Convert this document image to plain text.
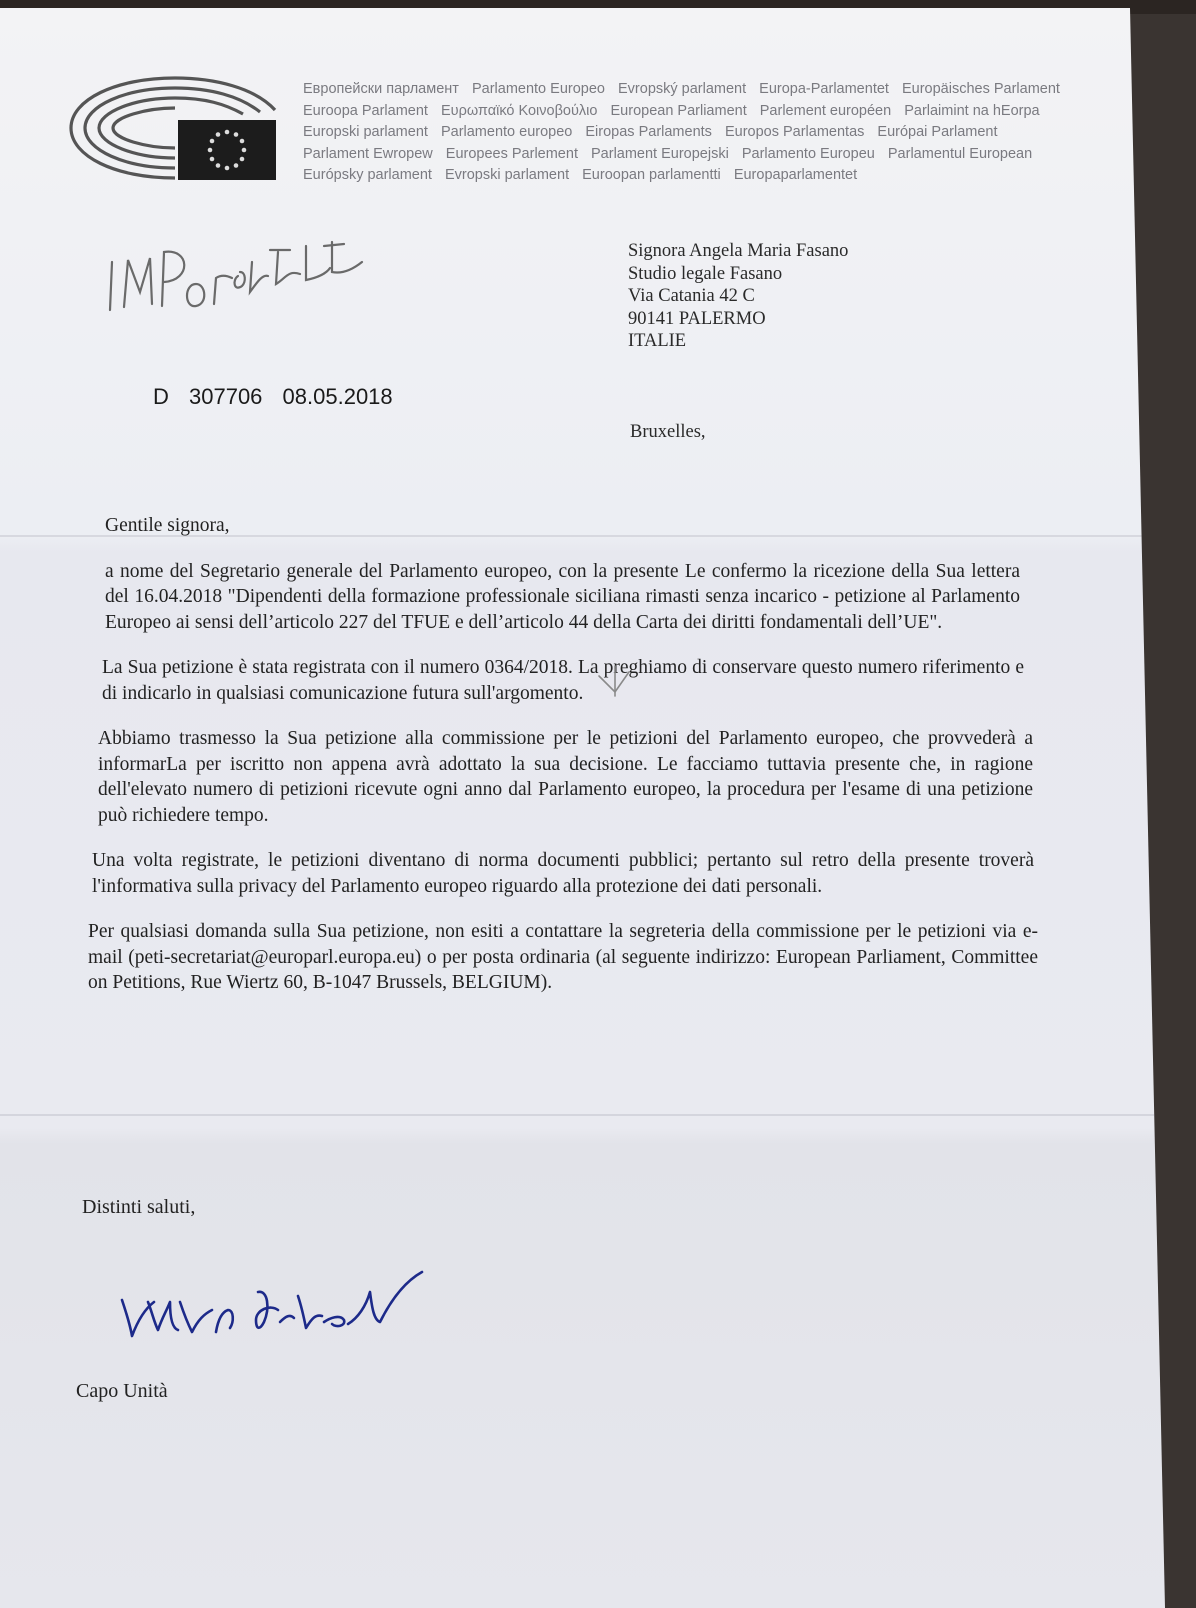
Европейски парламент Parlamento Europeo Evropský parlament Europa-Parlamentet Europäisches Parlament
Euroopa Parlament Ευρωπαϊκό Κοινοβούλιο European Parliament Parlement européen Parlaimint na hEorpa
Europski parlament Parlamento europeo Eiropas Parlaments Europos Parlamentas Európai Parlament
Parlament Ewropew Europees Parlement Parlament Europejski Parlamento Europeu Parlamentul European
Európsky parlament Evropski parlament Euroopan parlamentti Europaparlamentet
Signora Angela Maria Fasano
Studio legale Fasano
Via Catania 42 C
90141 PALERMO
ITALIE
D 307706 08.05.2018
Bruxelles,
Gentile signora,
a nome del Segretario generale del Parlamento europeo, con la presente Le confermo la ricezione della Sua lettera del 16.04.2018 "Dipendenti della formazione professionale siciliana rimasti senza incarico - petizione al Parlamento Europeo ai sensi dell’articolo 227 del TFUE e dell’articolo 44 della Carta dei diritti fondamentali dell’UE".
La Sua petizione è stata registrata con il numero 0364/2018. La preghiamo di conservare questo numero riferimento e di indicarlo in qualsiasi comunicazione futura sull'argomento.
Abbiamo trasmesso la Sua petizione alla commissione per le petizioni del Parlamento europeo, che provvederà a informarLa per iscritto non appena avrà adottato la sua decisione. Le facciamo tuttavia presente che, in ragione dell'elevato numero di petizioni ricevute ogni anno dal Parlamento europeo, la procedura per l'esame di una petizione può richiedere tempo.
Una volta registrate, le petizioni diventano di norma documenti pubblici; pertanto sul retro della presente troverà l'informativa sulla privacy del Parlamento europeo riguardo alla protezione dei dati personali.
Per qualsiasi domanda sulla Sua petizione, non esiti a contattare la segreteria della commissione per le petizioni via e-mail (peti-secretariat@europarl.europa.eu) o per posta ordinaria (al seguente indirizzo: European Parliament, Committee on Petitions, Rue Wiertz 60, B-1047 Brussels, BELGIUM).
Distinti saluti,
Capo Unità
